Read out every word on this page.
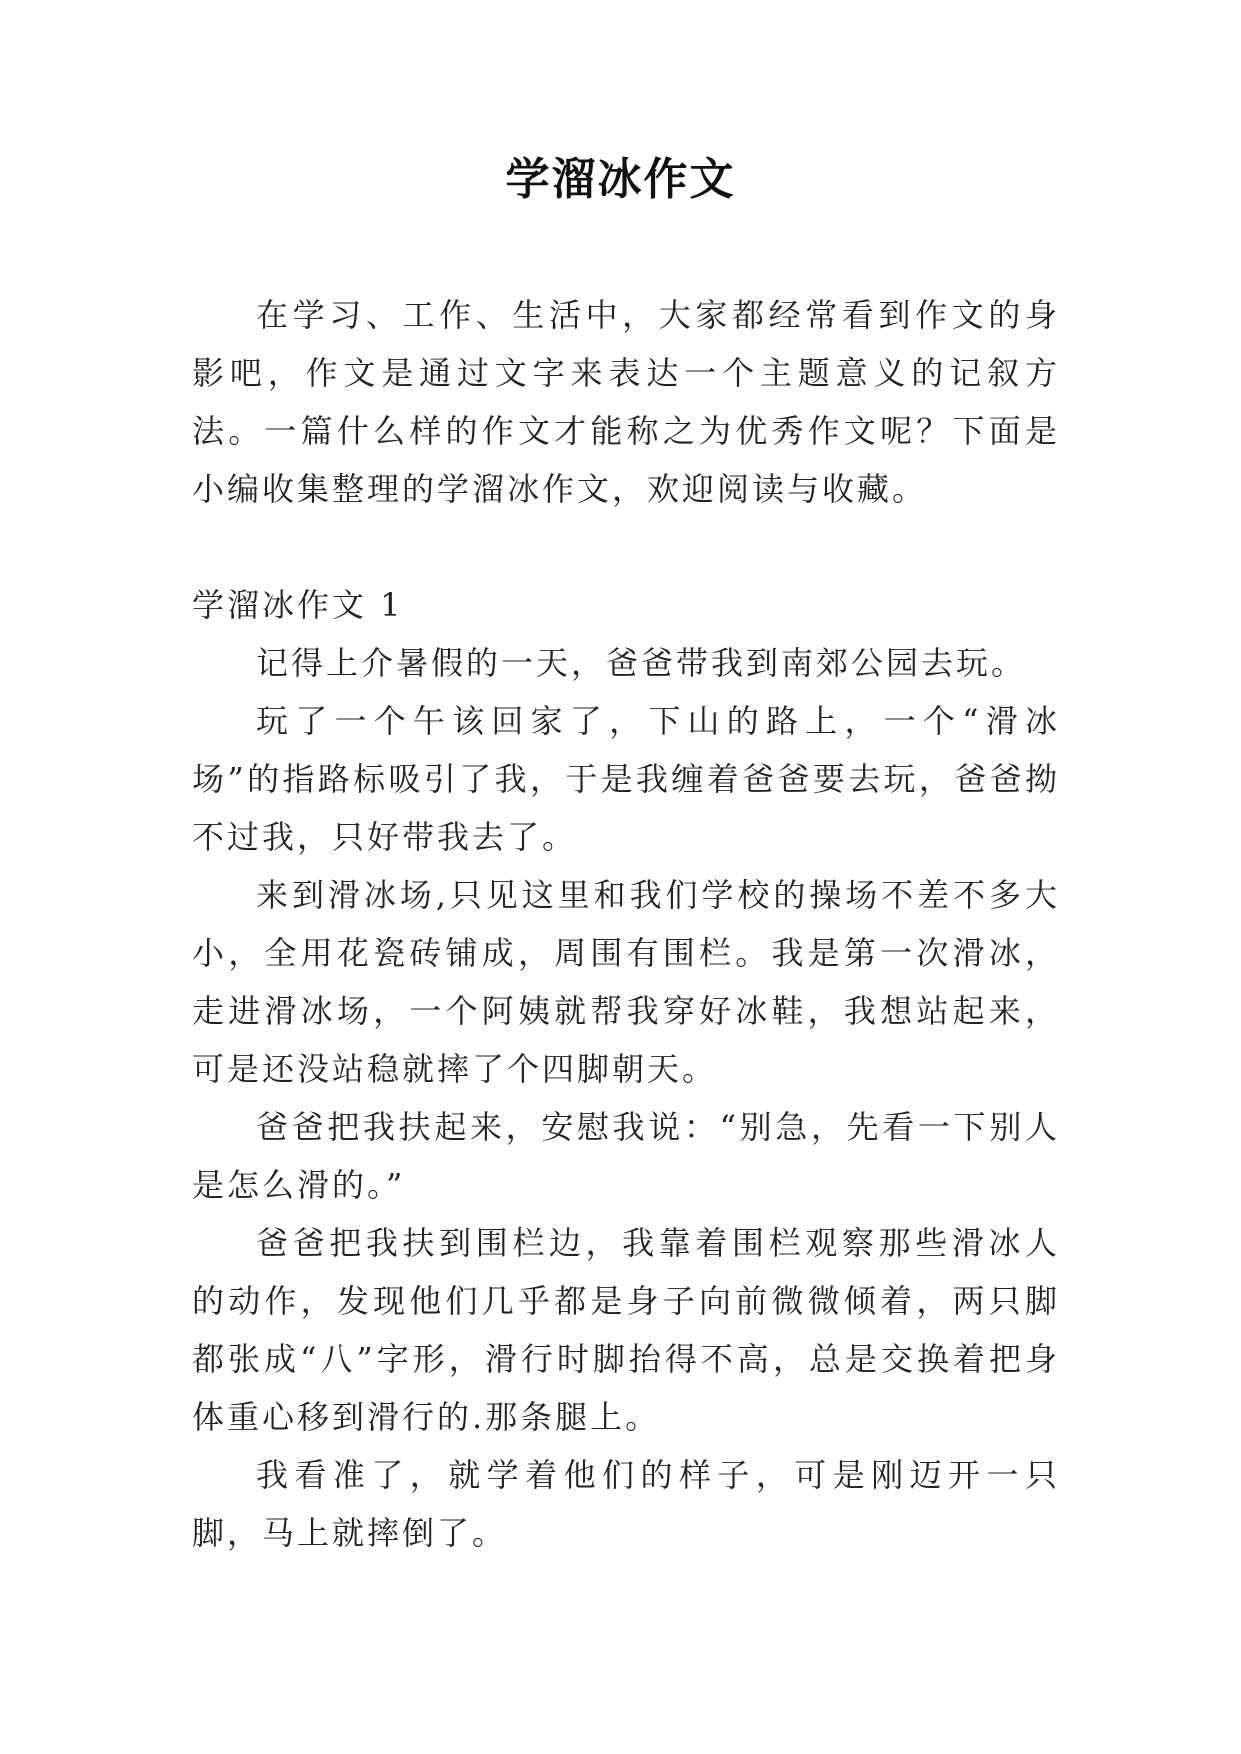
学溜冰作文

在学习、工作、生活中，大家都经常看到作文的身影吧，作文是通过文字来表达一个主题意义的记叙方法。一篇什么样的作文才能称之为优秀作文呢？下面是小编收集整理的学溜冰作文，欢迎阅读与收藏。

学溜冰作文 1

记得上介暑假的一天，爸爸带我到南郊公园去玩。

玩了一个午该回家了，下山的路上，一个“滑冰场”的指路标吸引了我，于是我缠着爸爸要去玩，爸爸拗不过我，只好带我去了。

来到滑冰场,只见这里和我们学校的操场不差不多大小，全用花瓷砖铺成，周围有围栏。我是第一次滑冰，走进滑冰场，一个阿姨就帮我穿好冰鞋，我想站起来，可是还没站稳就摔了个四脚朝天。

爸爸把我扶起来，安慰我说：“别急，先看一下别人是怎么滑的。”

爸爸把我扶到围栏边，我靠着围栏观察那些滑冰人的动作，发现他们几乎都是身子向前微微倾着，两只脚都张成“八”字形，滑行时脚抬得不高，总是交换着把身体重心移到滑行的.那条腿上。

我看准了，就学着他们的样子，可是刚迈开一只脚，马上就摔倒了。
